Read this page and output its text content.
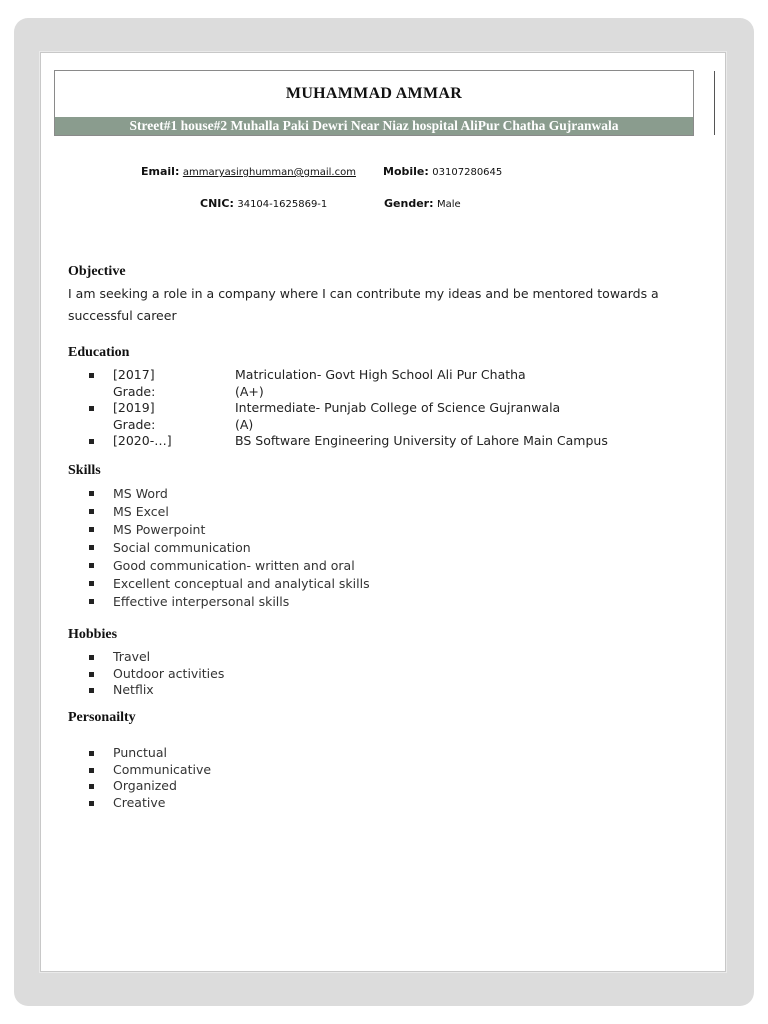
MUHAMMAD AMMAR
Street#1 house#2 Muhalla Paki Dewri Near Niaz hospital AliPur Chatha Gujranwala
Email: ammaryasirghumman@gmail.com Mobile: 03107280645
CNIC: 34104-1625869-1	Gender: Male
Objective
I am seeking a role in a company where I can contribute my ideas and be mentored towards a successful career
Education
[2017]	Matriculation- Govt High School Ali Pur Chatha
Grade:	(A+)
[2019]	Intermediate- Punjab College of Science Gujranwala
Grade:	(A)
[2020-…]	BS Software Engineering University of Lahore Main Campus
Skills
MS Word
MS Excel
MS Powerpoint
Social communication
Good communication- written and oral
Excellent conceptual and analytical skills
Effective interpersonal skills
Hobbies
Travel
Outdoor activities
Netflix
Personailty
Punctual
Communicative
Organized
Creative
